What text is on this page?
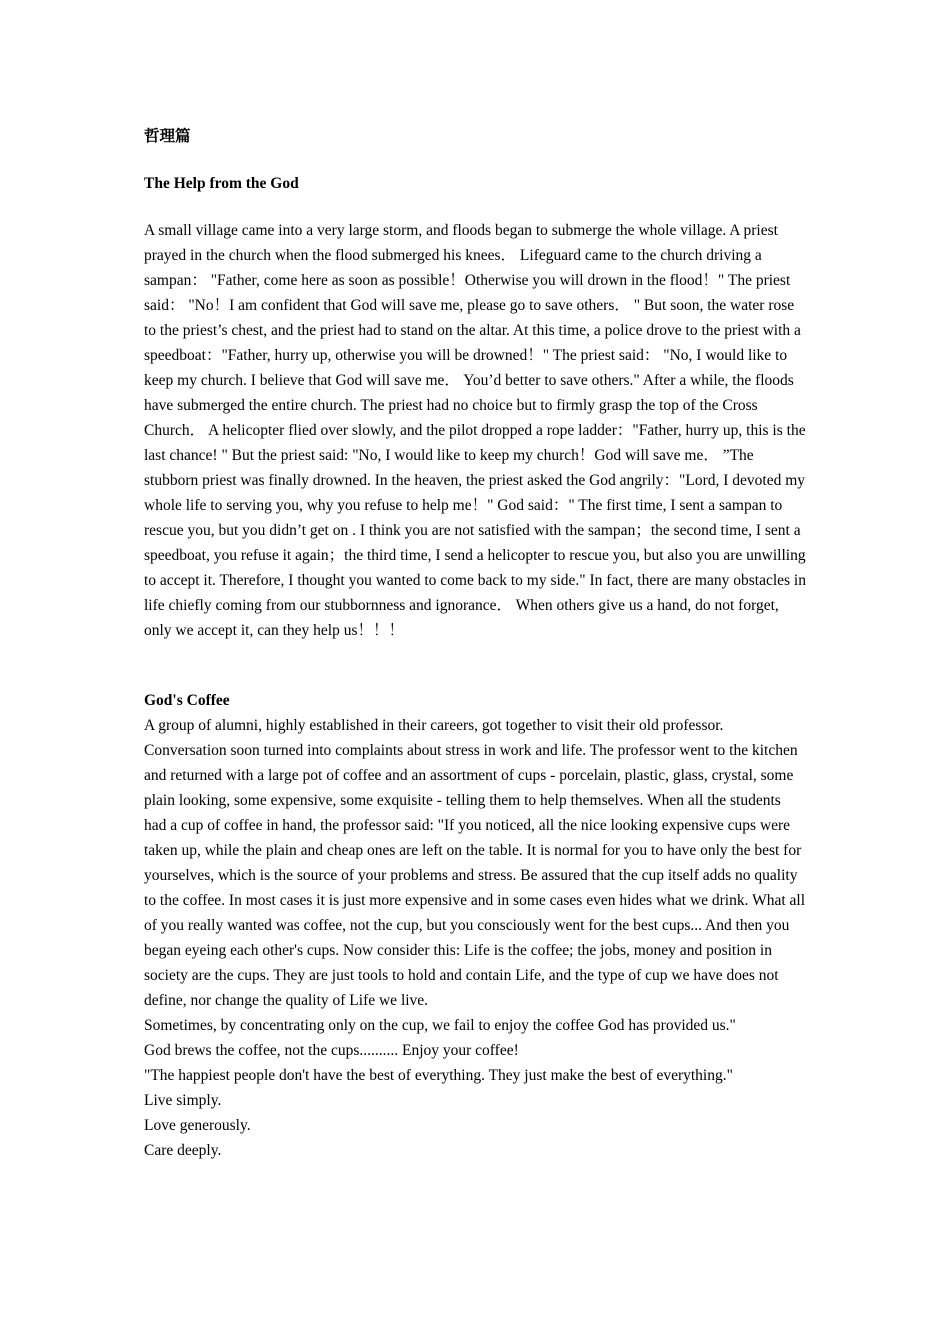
哲理篇

The Help from the God

A small village came into a very large storm, and floods began to submerge the whole village. A priest prayed in the church when the flood submerged his knees． Lifeguard came to the church driving a sampan： "Father, come here as soon as possible！Otherwise you will drown in the flood！" The priest said： "No！I am confident that God will save me, please go to save others． " But soon, the water rose to the priest’s chest, and the priest had to stand on the altar. At this time, a police drove to the priest with a speedboat："Father, hurry up, otherwise you will be drowned！" The priest said： "No, I would like to keep my church. I believe that God will save me． You’d better to save others." After a while, the floods have submerged the entire church. The priest had no choice but to firmly grasp the top of the Cross Church． A helicopter flied over slowly, and the pilot dropped a rope ladder："Father, hurry up, this is the last chance! " But the priest said: "No, I would like to keep my church！God will save me． ”The stubborn priest was finally drowned. In the heaven, the priest asked the God angrily："Lord, I devoted my whole life to serving you, why you refuse to help me！" God said：" The first time, I sent a sampan to rescue you, but you didn’t get on . I think you are not satisfied with the sampan；the second time, I sent a speedboat, you refuse it again；the third time, I send a helicopter to rescue you, but also you are unwilling to accept it. Therefore, I thought you wanted to come back to my side." In fact, there are many obstacles in life chiefly coming from our stubbornness and ignorance． When others give us a hand, do not forget, only we accept it, can they help us！！！

God's Coffee

A group of alumni, highly established in their careers, got together to visit their old professor. Conversation soon turned into complaints about stress in work and life. The professor went to the kitchen and returned with a large pot of coffee and an assortment of cups - porcelain, plastic, glass, crystal, some plain looking, some expensive, some exquisite - telling them to help themselves. When all the students had a cup of coffee in hand, the professor said: "If you noticed, all the nice looking expensive cups were taken up, while the plain and cheap ones are left on the table. It is normal for you to have only the best for yourselves, which is the source of your problems and stress. Be assured that the cup itself adds no quality to the coffee. In most cases it is just more expensive and in some cases even hides what we drink. What all of you really wanted was coffee, not the cup, but you consciously went for the best cups... And then you began eyeing each other's cups. Now consider this: Life is the coffee; the jobs, money and position in society are the cups. They are just tools to hold and contain Life, and the type of cup we have does not define, nor change the quality of Life we live.

Sometimes, by concentrating only on the cup, we fail to enjoy the coffee God has provided us."

God brews the coffee, not the cups.......... Enjoy your coffee!

"The happiest people don't have the best of everything. They just make the best of everything."

Live simply.

Love generously.

Care deeply.
